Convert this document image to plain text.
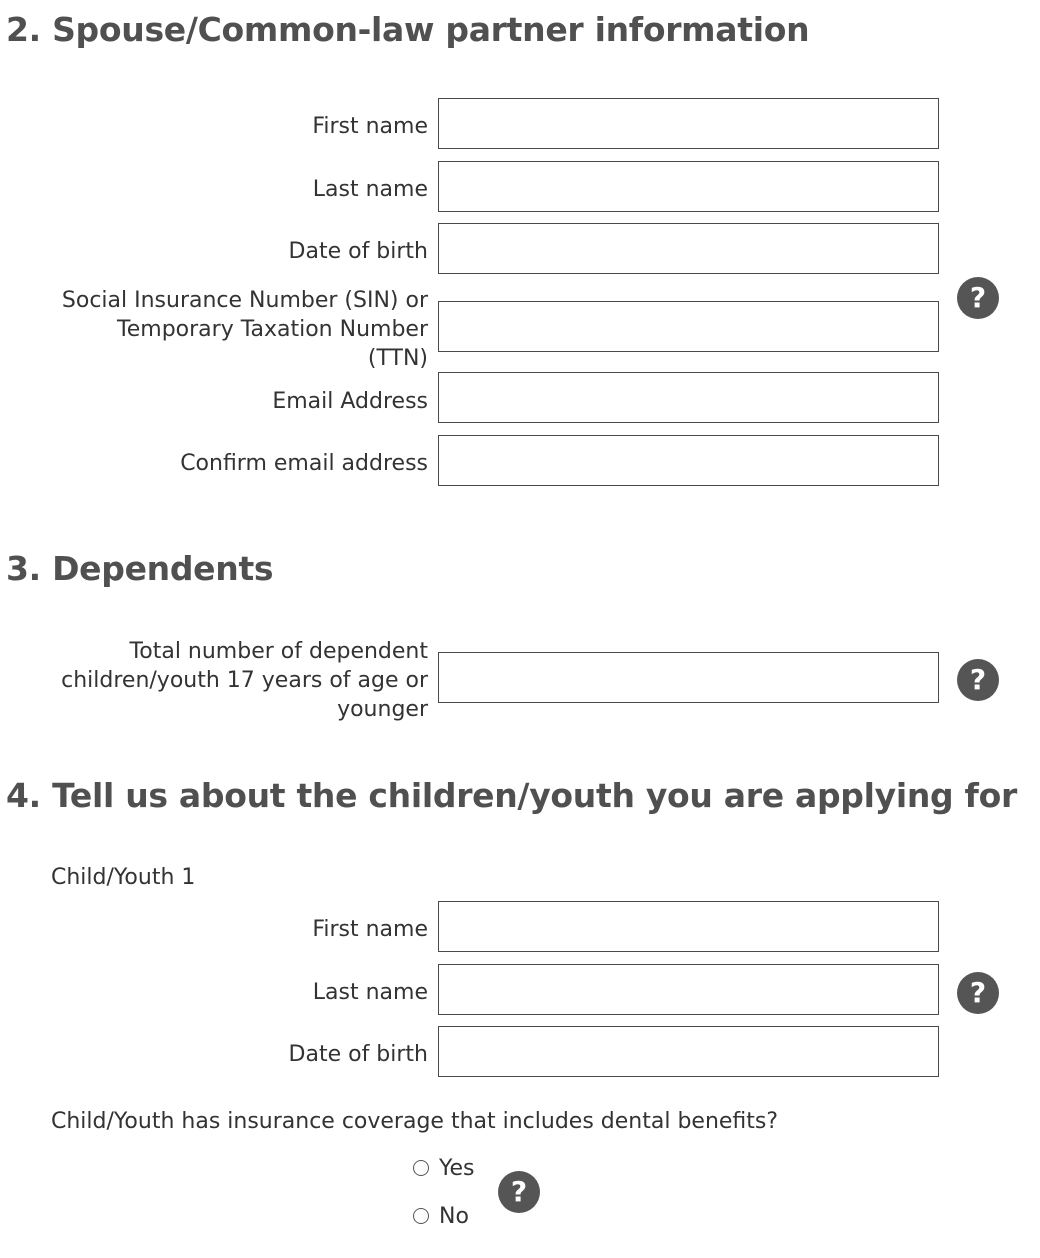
2. Spouse/Common-law partner information
First name
Last name
Date of birth
Social Insurance Number (SIN) or
Temporary Taxation Number
(TTN)
?
Email Address
Confirm email address
3. Dependents
Total number of dependent
children/youth 17 years of age or
younger
?
4. Tell us about the children/youth you are applying for
Child/Youth 1
First name
Last name	?
Date of birth
Child/Youth has insurance coverage that includes dental benefits?
Yes
No
?
